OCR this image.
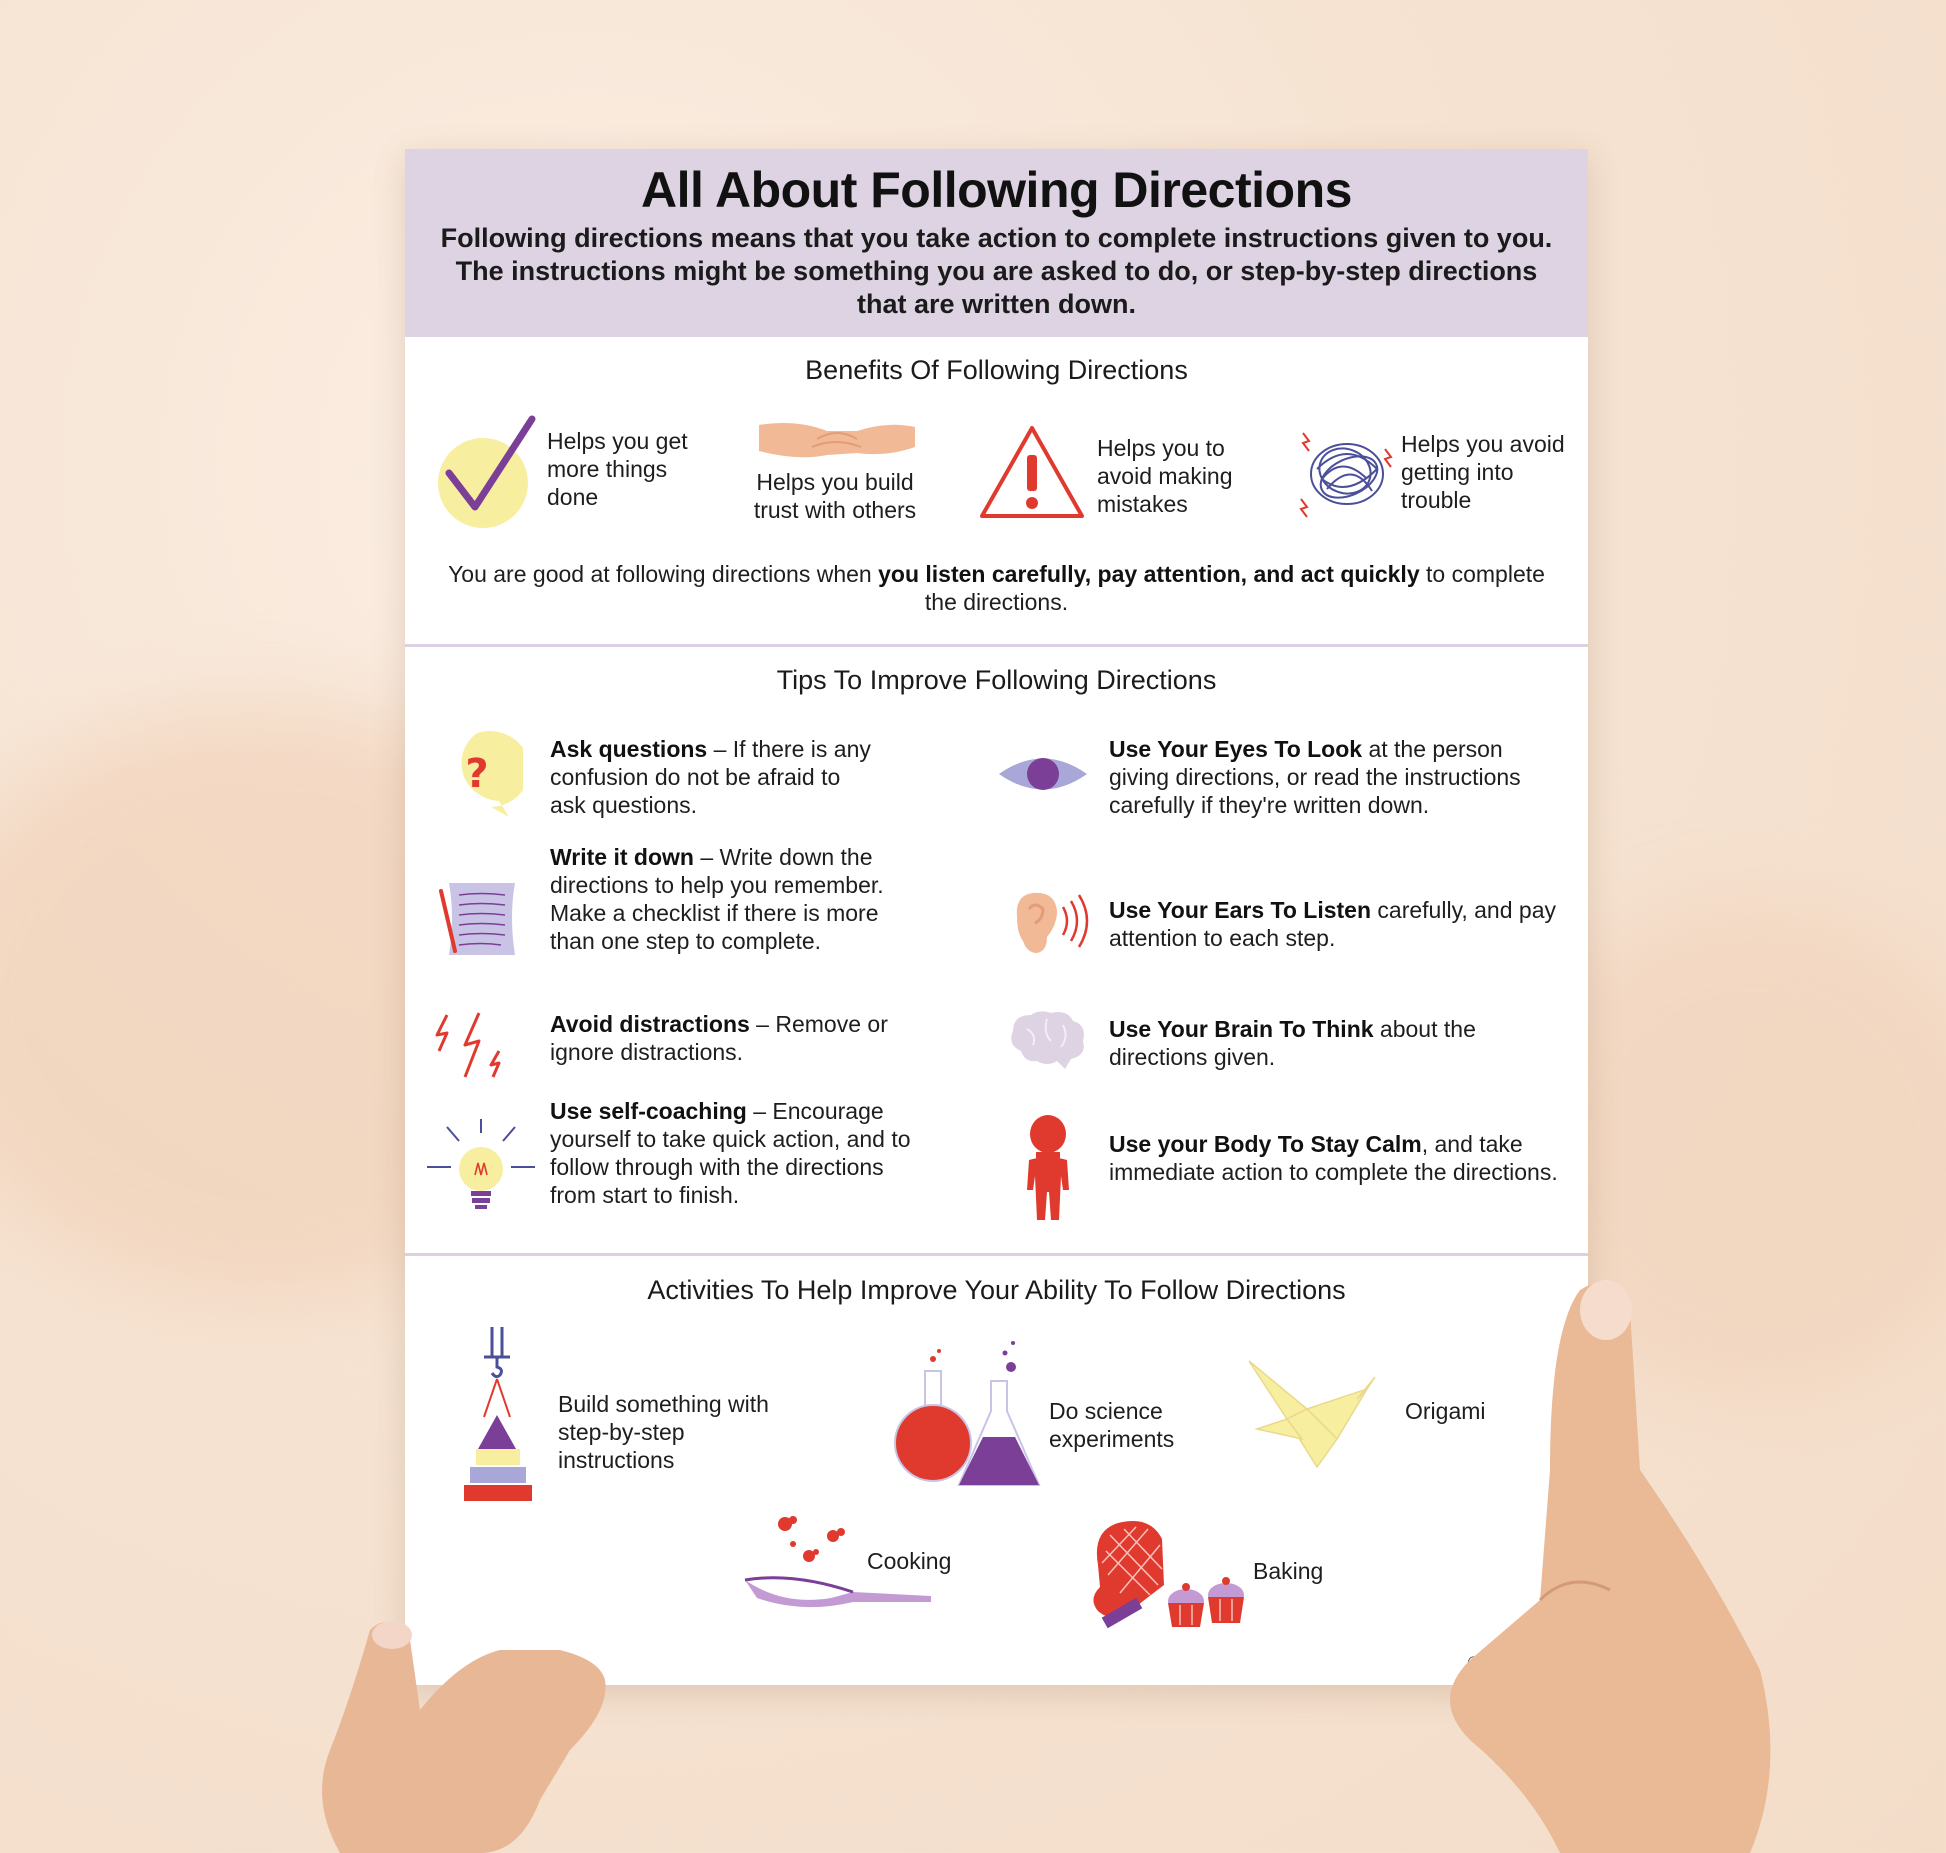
All About Following Directions
Following directions means that you take action to complete instructions given to you. The instructions might be something you are asked to do, or step-by-step directions that are written down.
Benefits Of Following Directions
Helps you get more things done
Helps you build trust with others
Helps you to avoid making mistakes
Helps you avoid getting into trouble
You are good at following directions when you listen carefully, pay attention, and act quickly to complete the directions.
Tips To Improve Following Directions
?
Ask questions – If there is any confusion do not be afraid to ask questions.
Write it down – Write down the directions to help you remember. Make a checklist if there is more than one step to complete.
Avoid distractions – Remove or ignore distractions.
Use self-coaching – Encourage yourself to take quick action, and to follow through with the directions from start to finish.
Use Your Eyes To Look at the person giving directions, or read the instructions carefully if they're written down.
Use Your Ears To Listen carefully, and pay attention to each step.
Use Your Brain To Think about the directions given.
Use your Body To Stay Calm, and take immediate action to complete the directions.
Activities To Help Improve Your Ability To Follow Directions
Build something with step-by-step instructions
Do science experiments
Origami
Cooking	Baking
